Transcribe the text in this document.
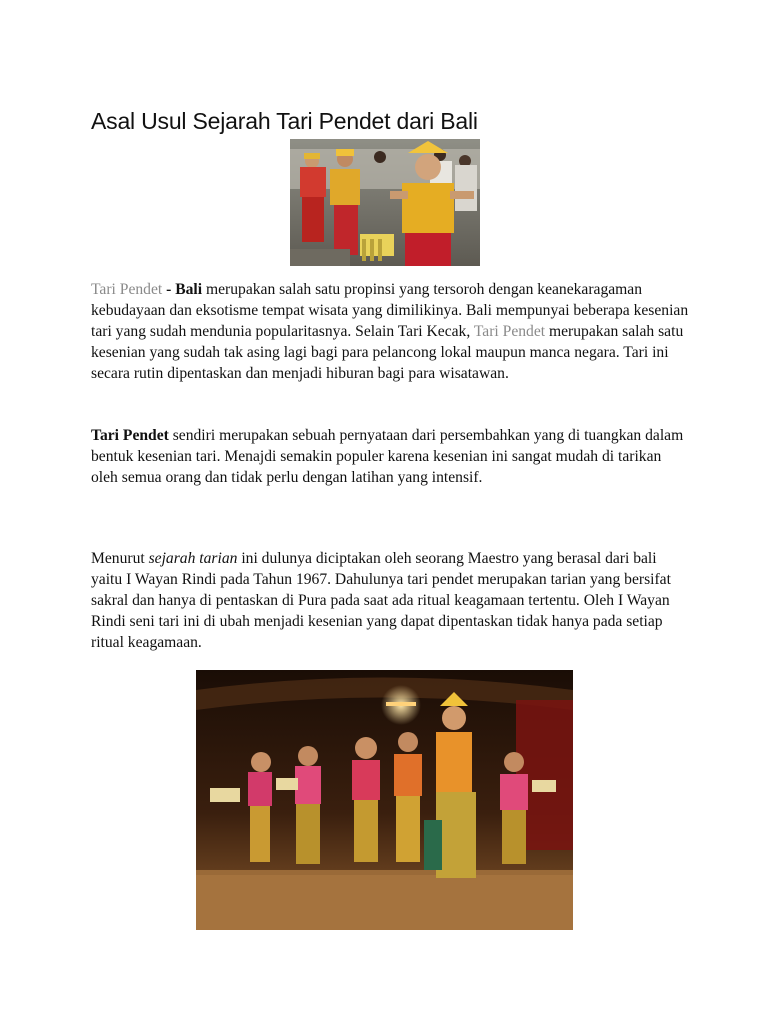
Asal Usul Sejarah Tari Pendet dari Bali

Tari Pendet - Bali merupakan salah satu propinsi yang tersoroh dengan keanekaragaman kebudayaan dan eksotisme tempat wisata yang dimilikinya. Bali mempunyai beberapa kesenian tari yang sudah mendunia popularitasnya. Selain Tari Kecak, Tari Pendet merupakan salah satu kesenian yang sudah tak asing lagi bagi para pelancong lokal maupun manca negara. Tari ini secara rutin dipentaskan dan menjadi hiburan bagi para wisatawan.

Tari Pendet sendiri merupakan sebuah pernyataan dari persembahkan yang di tuangkan dalam bentuk kesenian tari. Menajdi semakin populer karena kesenian ini sangat mudah di tarikan oleh semua orang dan tidak perlu dengan latihan yang intensif.

Menurut sejarah tarian ini dulunya diciptakan oleh seorang Maestro yang berasal dari bali yaitu I Wayan Rindi pada Tahun 1967. Dahulunya tari pendet merupakan tarian yang bersifat sakral dan hanya di pentaskan di Pura pada saat ada ritual keagamaan tertentu. Oleh I Wayan Rindi seni tari ini di ubah menjadi kesenian yang dapat dipentaskan tidak hanya pada setiap ritual keagamaan.
